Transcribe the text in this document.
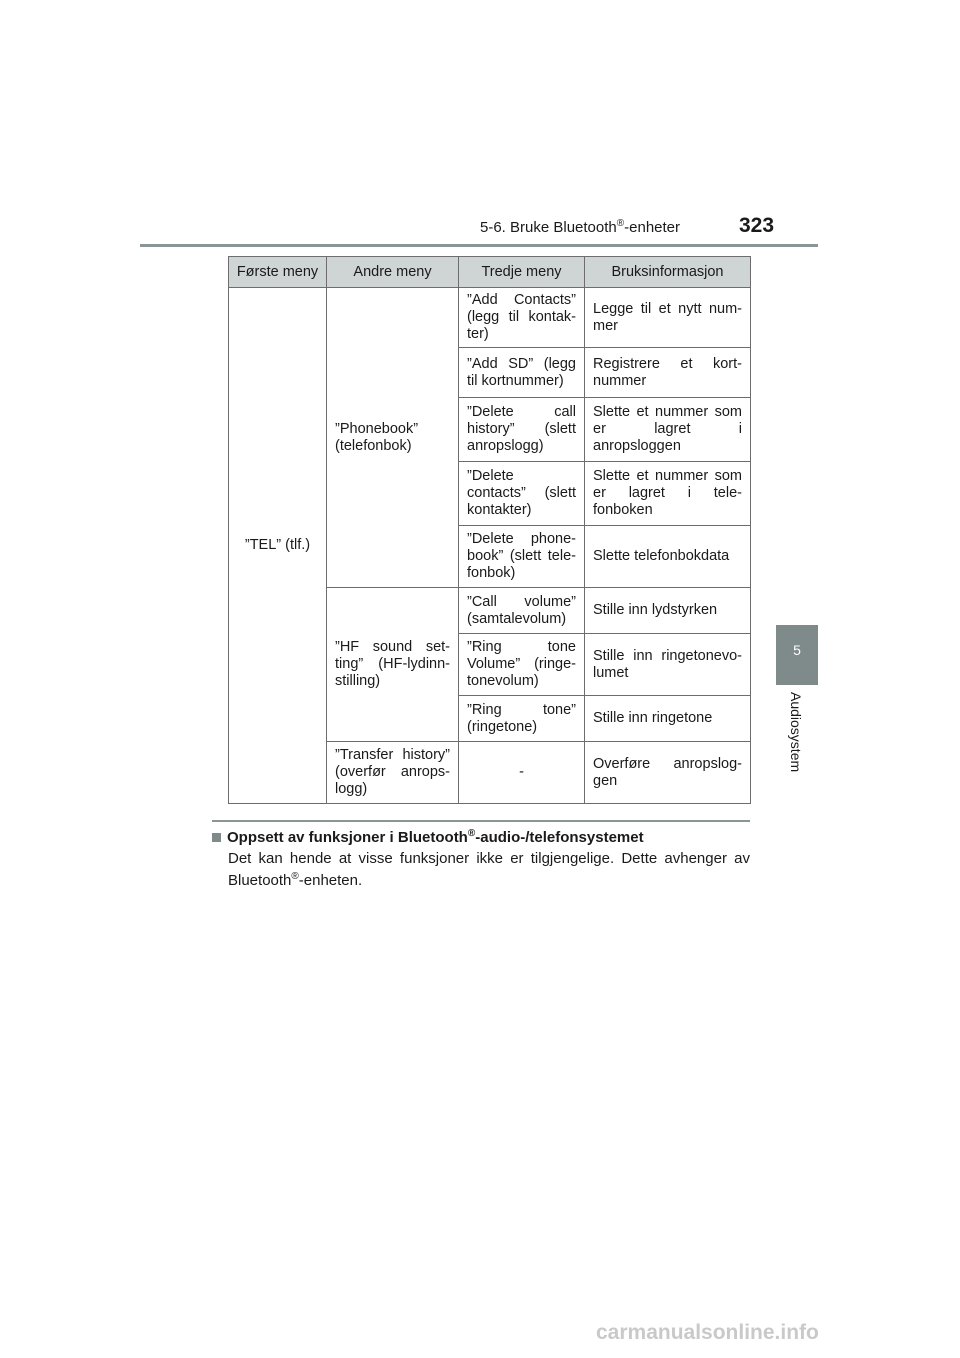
5-6. Bruke Bluetooth®-enheter	323
5
Audiosystem
Første meny	Andre meny	Tredje meny	Bruksinformasjon
”TEL” (tlf.)	”Phonebook” (telefonbok)	”Add Contacts” (legg til kontak-ter)	Legge til et nytt num-mer
		”Add SD” (legg til kortnummer)	Registrere et kort-nummer
		”Delete call history” (slett anropslogg)	Slette et nummer som er lagret i anropsloggen
		”Delete contacts” (slett kontakter)	Slette et nummer som er lagret i tele-fonboken
		”Delete phone-book” (slett tele-fonbok)	Slette telefonbokdata
	”HF sound set-ting” (HF-lydinn-stilling)	”Call volume” (samtalevolum)	Stille inn lydstyrken
		”Ring tone Volume” (ringe-tonevolum)	Stille inn ringetonevo-lumet
		”Ring tone” (ringetone)	Stille inn ringetone
	”Transfer history” (overfør anrops-logg)	-	Overføre anropslog-gen
Oppsett av funksjoner i Bluetooth®-audio-/telefonsystemet
Det kan hende at visse funksjoner ikke er tilgjengelige. Dette avhenger av Bluetooth®-enheten.
carmanualsonline.info
